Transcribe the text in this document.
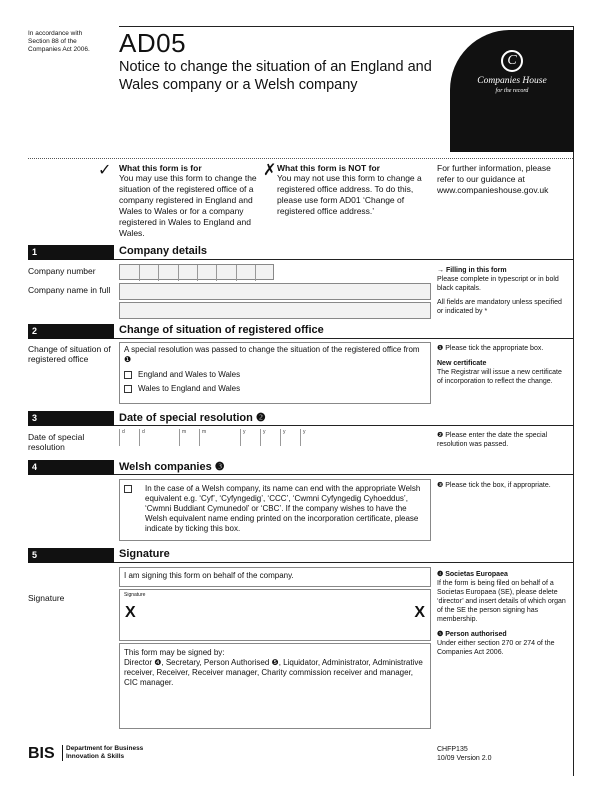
In accordance with
Section 88 of the
Companies Act 2006.	AD05
Notice to change the situation of an England and
Wales company or a Welsh company
C
Companies House
for the record
✓ What this form is for

You may use this form to change the situation of the registered office of a company registered in England and Wales to Wales or for a company registered in Wales to England and Wales.

✗ What this form is NOT for

You may not use this form to change a registered office address. To do this, please use form AD01 ‘Change of registered office address.’

For further information, please refer to our guidance at www.companieshouse.gov.uk

1	Company details
Company number
Company name in full
→ Filling in this form
Please complete in typescript or in bold black capitals.
All fields are mandatory unless specified or indicated by *
2	Change of situation of registered office
Change of situation of registered office
A special resolution was passed to change the situation of the registered office from ❶
England and Wales to Wales
Wales to England and Wales
❶ Please tick the appropriate box.
New certificate
The Registrar will issue a new certificate of incorporation to reflect the change.
3	Date of special resolution ❷
Date of special resolution
d	d	m	m	y	y	y	y	❷ Please enter the date the special resolution was passed.
4	Welsh companies ❸
In the case of a Welsh company, its name can end with the appropriate Welsh equivalent e.g. ‘Cyf’, ‘Cyfyngedig’, ‘CCC’, ‘Cwmni Cyfyngedig Cyhoeddus’, ‘Cwmni Buddiant Cymunedol’ or ‘CBC’. If the company wishes to have the Welsh equivalent name ending printed on the incorporation certificate, please indicate by ticking this box.
❸ Please tick the box, if appropriate.
5	Signature
I am signing this form on behalf of the company.
Signature	Signature
X	X
This form may be signed by:
Director ❹, Secretary, Person Authorised ❺, Liquidator, Administrator, Administrative receiver, Receiver, Receiver manager, Charity commission receiver and manager, CIC manager.
❹ Societas Europaea
If the form is being filed on behalf of a Societas Europaea (SE), please delete ‘director’ and insert details of which organ of the SE the person signing has membership.
❺ Person authorised
Under either section 270 or 274 of the Companies Act 2006.
BIS Department for Business
Innovation & Skills
CHFP135
10/09 Version 2.0
